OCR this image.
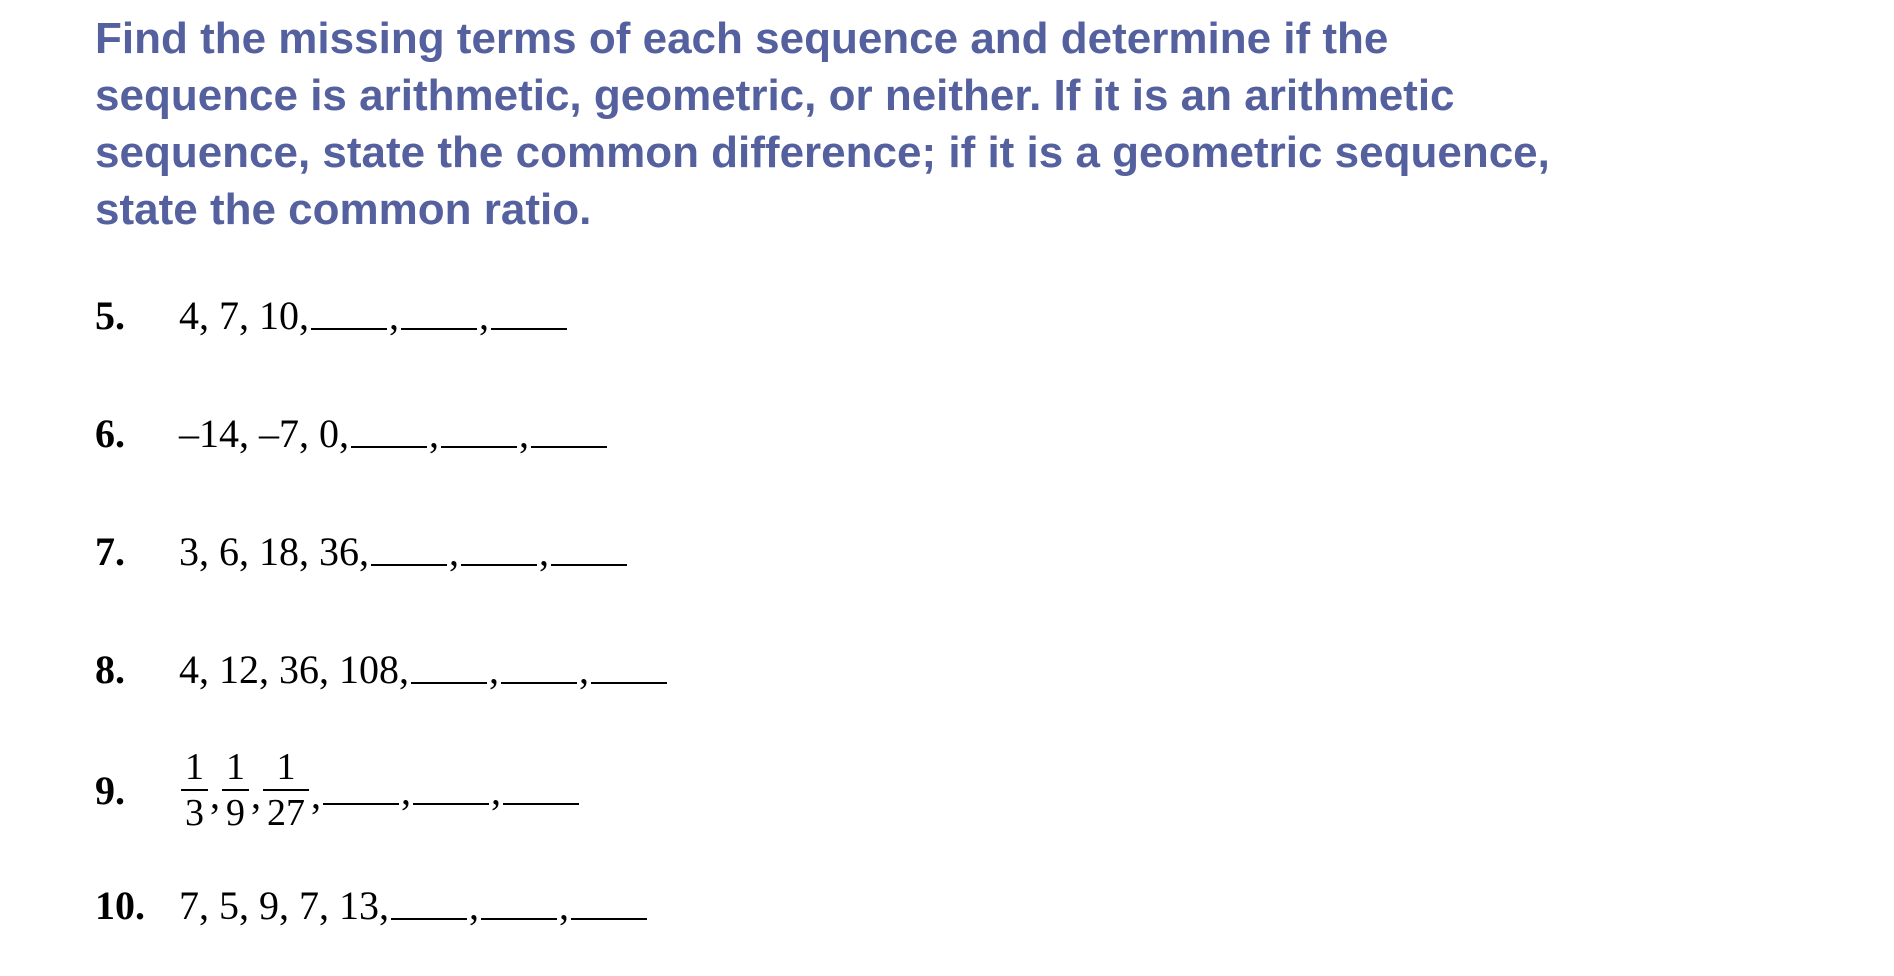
Find the missing terms of each sequence and determine if the sequence is arithmetic, geometric, or neither. If it is an arithmetic sequence, state the common difference; if it is a geometric sequence, state the common ratio.
5.	4, 7, 10, , ,
6.	–14, –7, 0, , ,
7.	3, 6, 18, 36, , ,
8.	4, 12, 36, 108, , ,
9.	$\frac{1}{3}$ , $\frac{1}{9}$ , $\frac{1}{27}$ , , ,
10. 7, 5, 9, 7, 13, , ,
